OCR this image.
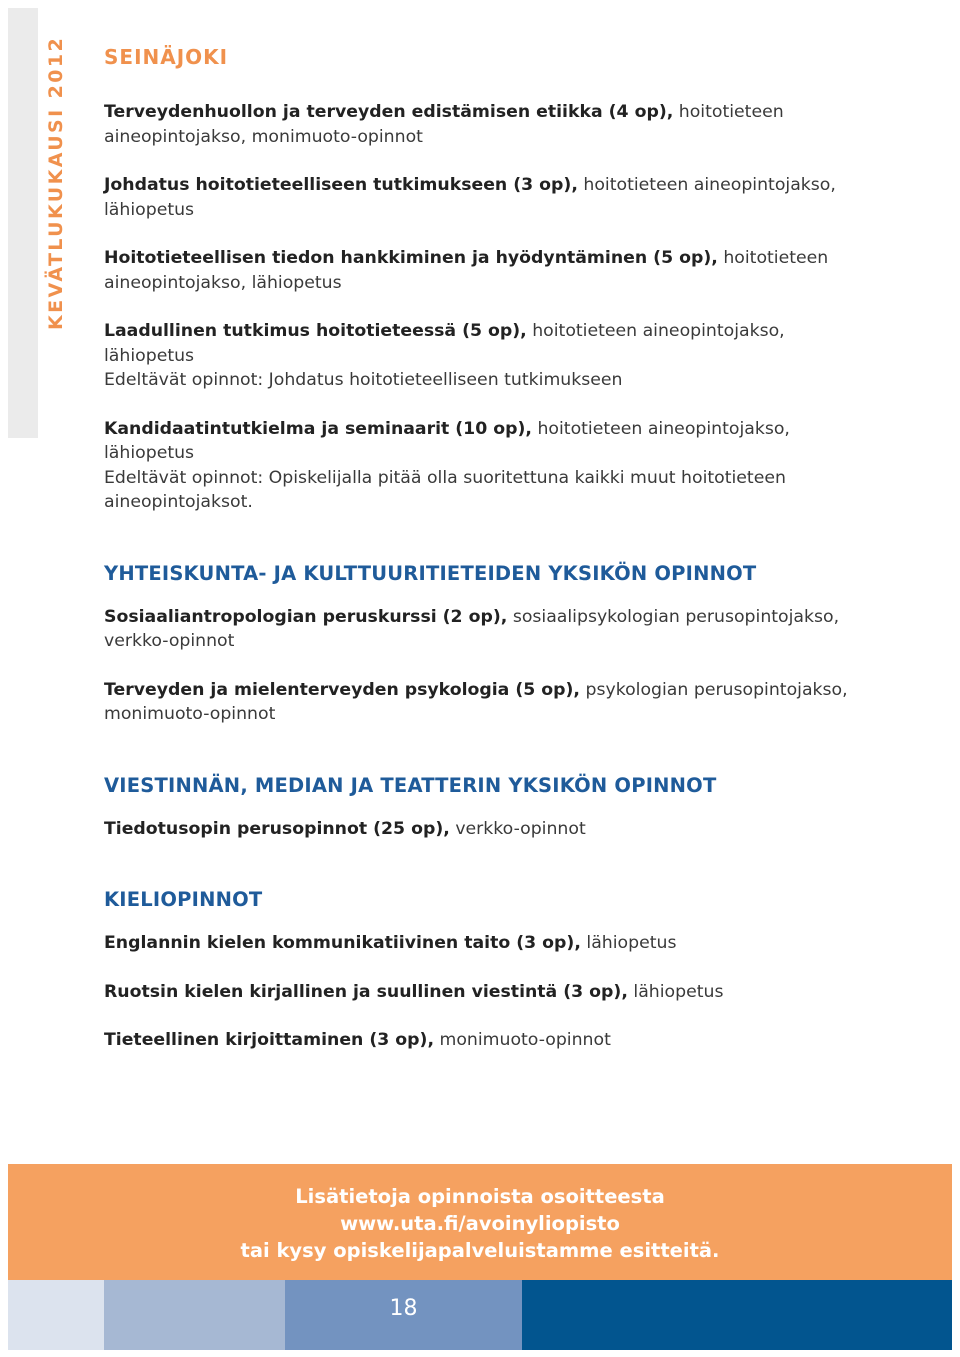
KEVÄTLUKUKAUSI 2012 SEINÄJOKI

Terveydenhuollon ja terveyden edistämisen etiikka (4 op), hoitotieteen aineopintojakso, monimuoto-opinnot

Johdatus hoitotieteelliseen tutkimukseen (3 op), hoitotieteen aineopintojakso, lähiopetus

Hoitotieteellisen tiedon hankkiminen ja hyödyntäminen (5 op), hoitotieteen aineopintojakso, lähiopetus

Laadullinen tutkimus hoitotieteessä (5 op), hoitotieteen aineopintojakso, lähiopetus
Edeltävät opinnot: Johdatus hoitotieteelliseen tutkimukseen

Kandidaatintutkielma ja seminaarit (10 op), hoitotieteen aineopintojakso, lähiopetus
Edeltävät opinnot: Opiskelijalla pitää olla suoritettuna kaikki muut hoitotieteen aineopintojaksot.

YHTEISKUNTA- JA KULTTUURITIETEIDEN YKSIKÖN OPINNOT

Sosiaaliantropologian peruskurssi (2 op), sosiaalipsykologian perusopintojakso, verkko-opinnot

Terveyden ja mielenterveyden psykologia (5 op), psykologian perusopintojakso, monimuoto-opinnot

VIESTINNÄN, MEDIAN JA TEATTERIN YKSIKÖN OPINNOT

Tiedotusopin perusopinnot (25 op), verkko-opinnot

KIELIOPINNOT

Englannin kielen kommunikatiivinen taito (3 op), lähiopetus

Ruotsin kielen kirjallinen ja suullinen viestintä (3 op), lähiopetus

Tieteellinen kirjoittaminen (3 op), monimuoto-opinnot

Lisätietoja opinnoista osoitteesta
www.uta.fi/avoinyliopisto
tai kysy opiskelijapalveluistamme esitteitä.
18
